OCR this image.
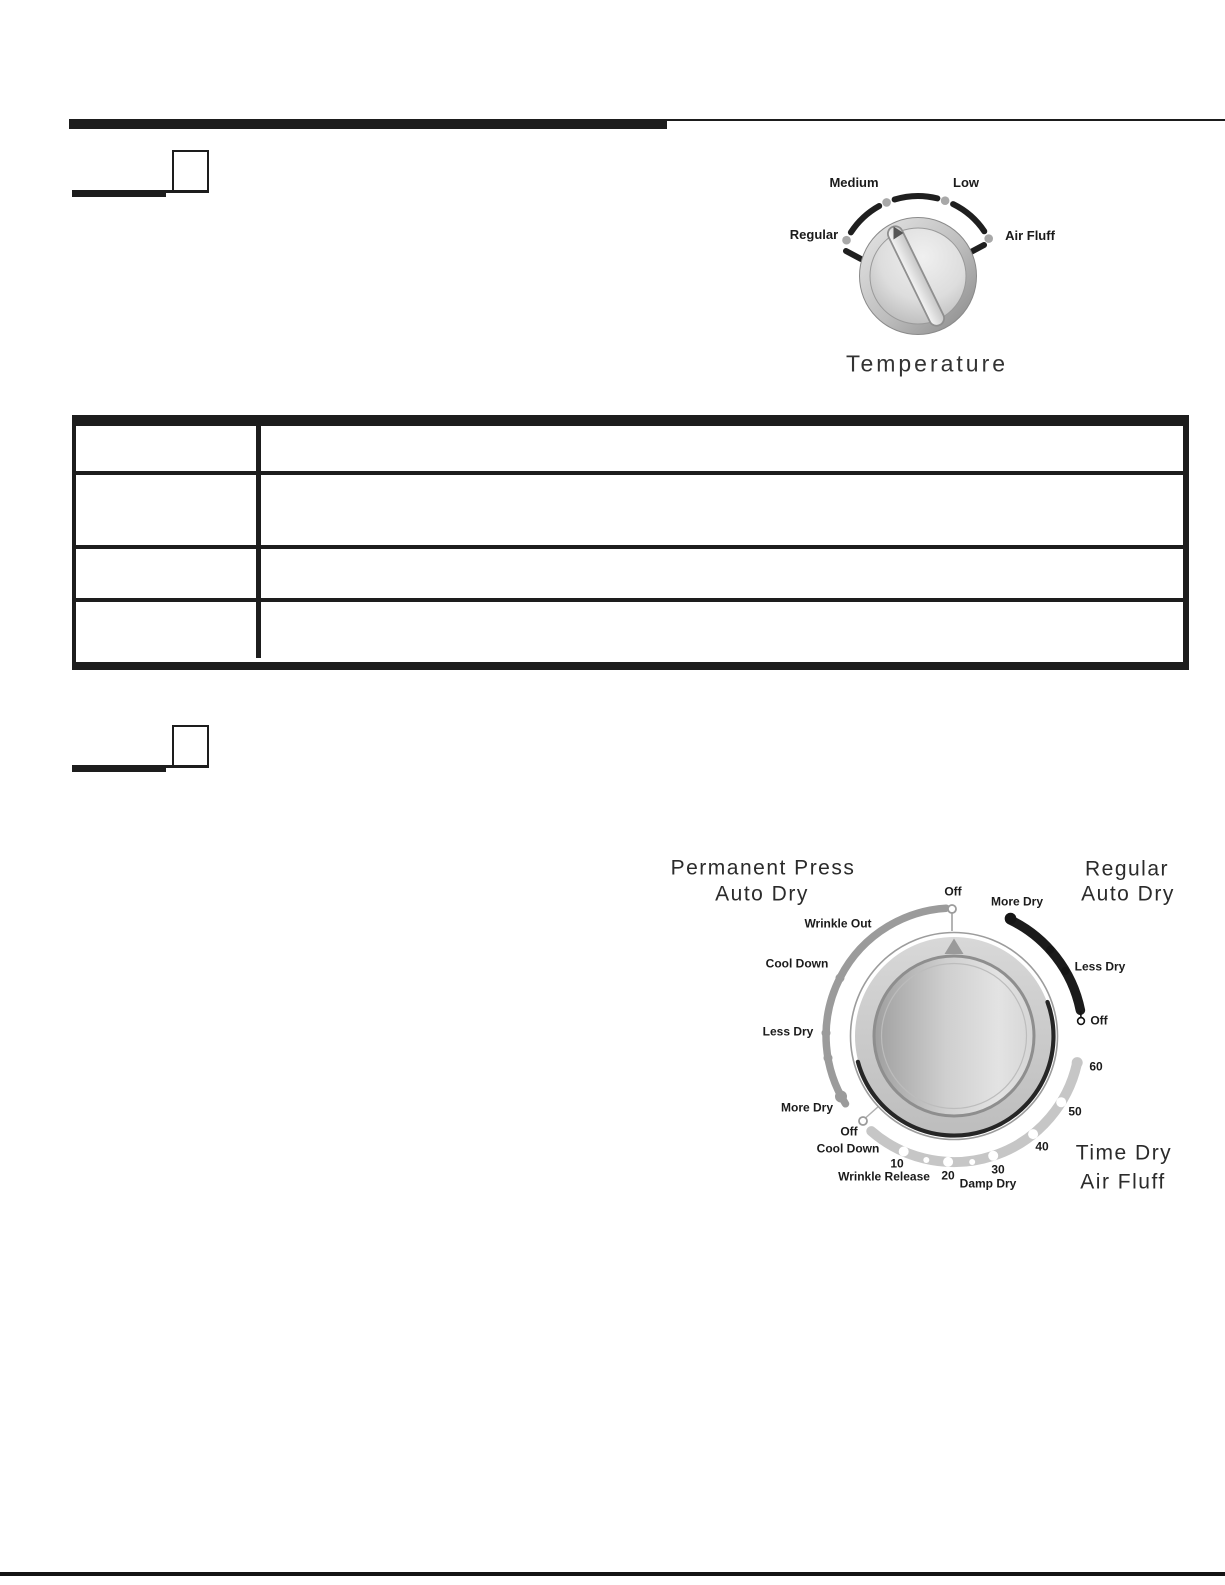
Medium	Low
Regular	Air Fluff
Temperature
Permanent Press
Auto Dry
Regular
Auto Dry
Time Dry
Air Fluff
Off
Wrinkle Out
Cool Down
Less Dry
More Dry
More Dry
Less Dry
Off
Off
Cool Down
10
Wrinkle Release 20
Damp Dry
30
40
50
60
